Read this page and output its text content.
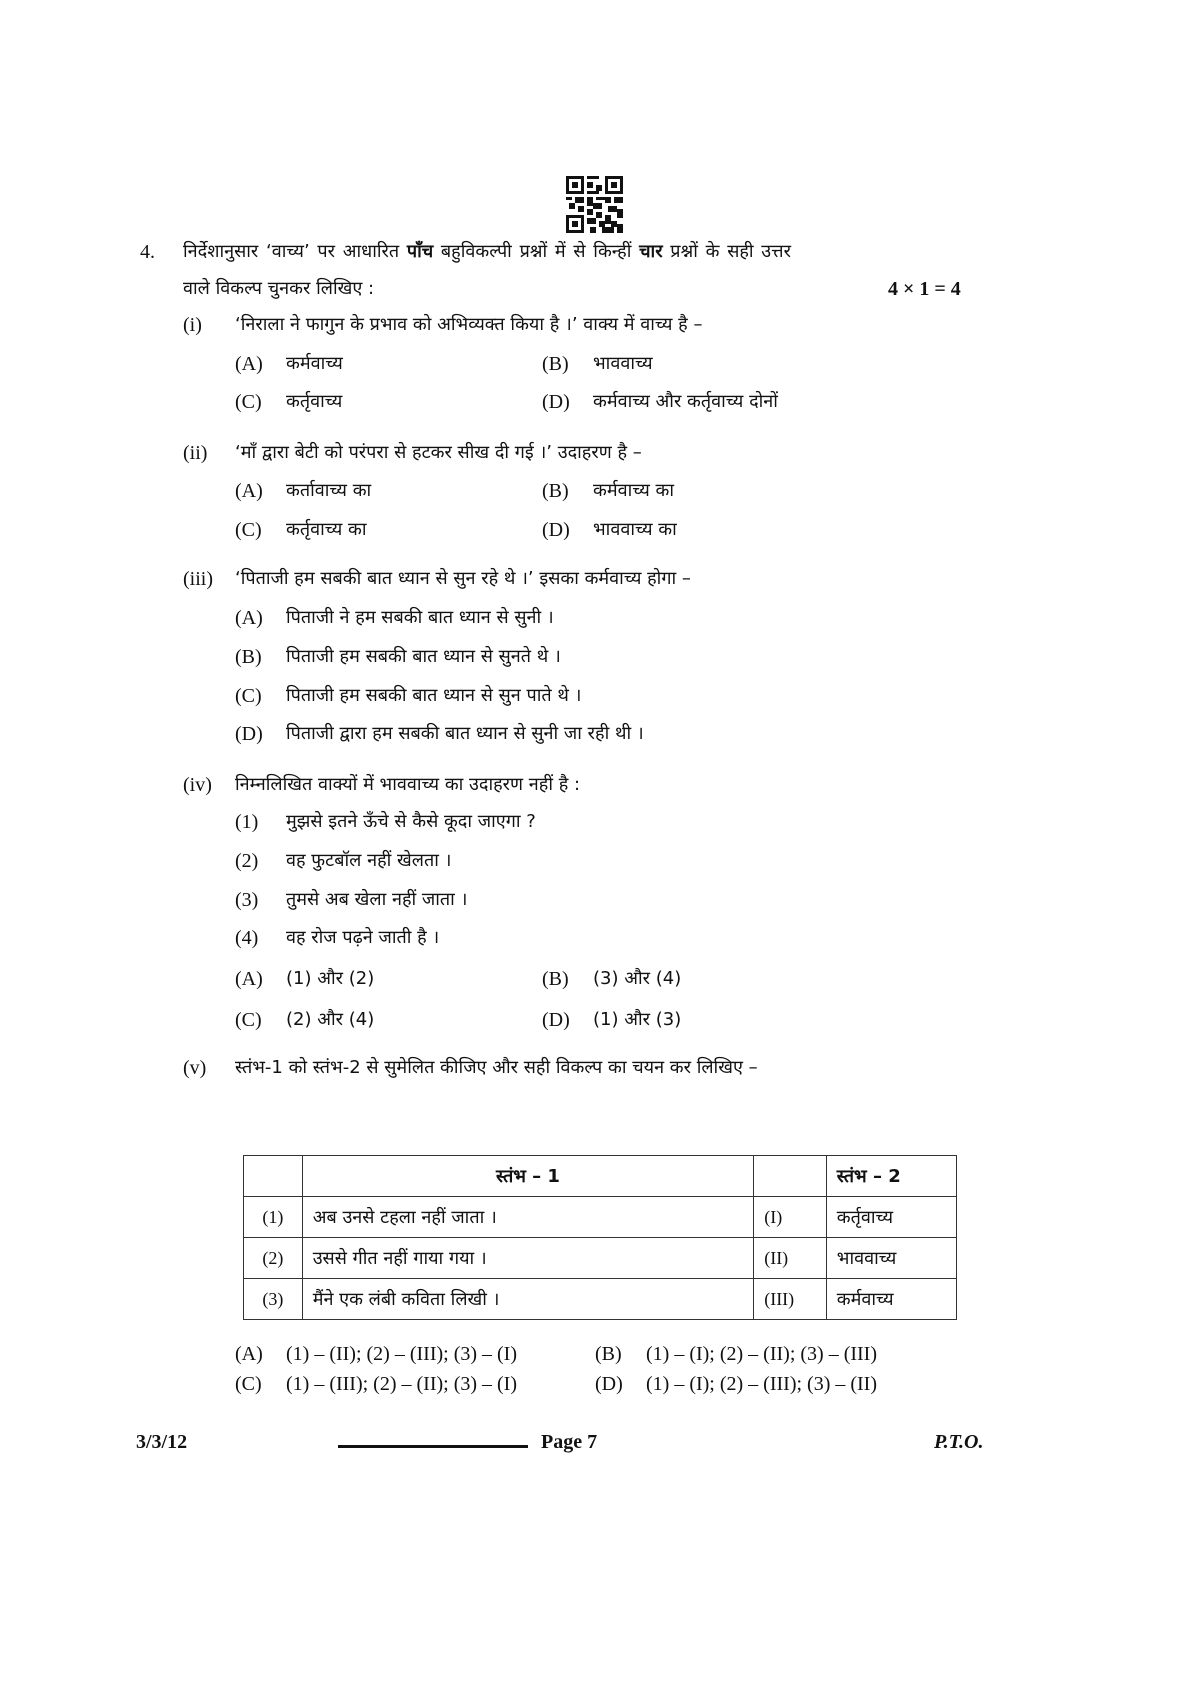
4. निर्देशानुसार ‘वाच्य’ पर आधारित पाँच बहुविकल्पी प्रश्नों में से किन्हीं चार प्रश्नों के सही उत्तर
वाले विकल्प चुनकर लिखिए :	4 × 1 = 4
(i) ‘निराला ने फागुन के प्रभाव को अभिव्यक्त किया है ।’ वाक्य में वाच्य है –
(A) कर्मवाच्य	(B) भाववाच्य
(C) कर्तृवाच्य	(D) कर्मवाच्य और कर्तृवाच्य दोनों
(ii) ‘माँ द्वारा बेटी को परंपरा से हटकर सीख दी गई ।’ उदाहरण है –
(A) कर्तावाच्य का	(B) कर्मवाच्य का
(C) कर्तृवाच्य का	(D) भाववाच्य का
(iii) ‘पिताजी हम सबकी बात ध्यान से सुन रहे थे ।’ इसका कर्मवाच्य होगा –
(A) पिताजी ने हम सबकी बात ध्यान से सुनी ।
(B) पिताजी हम सबकी बात ध्यान से सुनते थे ।
(C) पिताजी हम सबकी बात ध्यान से सुन पाते थे ।
(D) पिताजी द्वारा हम सबकी बात ध्यान से सुनी जा रही थी ।
(iv) निम्नलिखित वाक्यों में भाववाच्य का उदाहरण नहीं है :
(1) मुझसे इतने ऊँचे से कैसे कूदा जाएगा ?
(2) वह फुटबॉल नहीं खेलता ।
(3) तुमसे अब खेला नहीं जाता ।
(4) वह रोज पढ़ने जाती है ।
(A) (1) और (2)	(B) (3) और (4)
(C) (2) और (4)	(D) (1) और (3)
(v) स्तंभ-1 को स्तंभ-2 से सुमेलित कीजिए और सही विकल्प का चयन कर लिखिए –
	स्तंभ – 1		स्तंभ – 2
(1)	अब उनसे टहला नहीं जाता ।	(I)	कर्तृवाच्य
(2)	उससे गीत नहीं गाया गया ।	(II)	भाववाच्य
(3)	मैंने एक लंबी कविता लिखी ।	(III)	कर्मवाच्य
(A) (1) – (II); (2) – (III); (3) – (I)	(B) (1) – (I); (2) – (II); (3) – (III)
(C) (1) – (III); (2) – (II); (3) – (I)	(D) (1) – (I); (2) – (III); (3) – (II)
3/3/12	Page 7	P.T.O.
